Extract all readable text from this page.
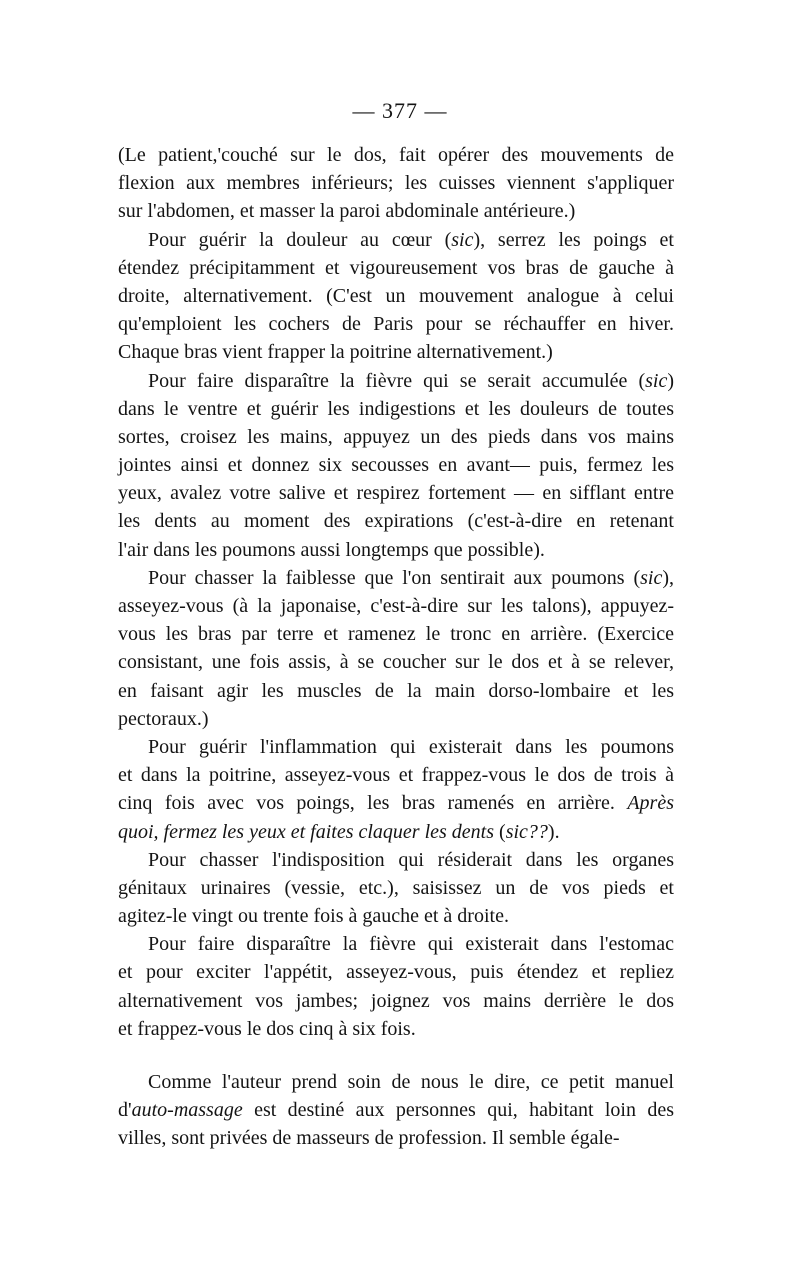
— 377 —
(Le patient,'couché sur le dos, fait opérer des mouvements de
flexion aux membres inférieurs; les cuisses viennent s'appliquer
sur l'abdomen, et masser la paroi abdominale antérieure.)
Pour guérir la douleur au cœur (sic), serrez les poings et
étendez précipitamment et vigoureusement vos bras de gauche à
droite, alternativement. (C'est un mouvement analogue à celui
qu'emploient les cochers de Paris pour se réchauffer en hiver.
Chaque bras vient frapper la poitrine alternativement.)
Pour faire disparaître la fièvre qui se serait accumulée (sic)
dans le ventre et guérir les indigestions et les douleurs de toutes
sortes, croisez les mains, appuyez un des pieds dans vos mains
jointes ainsi et donnez six secousses en avant— puis, fermez les
yeux, avalez votre salive et respirez fortement — en sifflant entre
les dents au moment des expirations (c'est-à-dire en retenant
l'air dans les poumons aussi longtemps que possible).
Pour chasser la faiblesse que l'on sentirait aux poumons (sic),
asseyez-vous (à la japonaise, c'est-à-dire sur les talons), appuyez-
vous les bras par terre et ramenez le tronc en arrière. (Exercice
consistant, une fois assis, à se coucher sur le dos et à se relever,
en faisant agir les muscles de la main dorso-lombaire et les
pectoraux.)
Pour guérir l'inflammation qui existerait dans les poumons
et dans la poitrine, asseyez-vous et frappez-vous le dos de trois à
cinq fois avec vos poings, les bras ramenés en arrière. Après
quoi, fermez les yeux et faites claquer les dents (sic??).
Pour chasser l'indisposition qui résiderait dans les organes
génitaux urinaires (vessie, etc.), saisissez un de vos pieds et
agitez-le vingt ou trente fois à gauche et à droite.
Pour faire disparaître la fièvre qui existerait dans l'estomac
et pour exciter l'appétit, asseyez-vous, puis étendez et repliez
alternativement vos jambes; joignez vos mains derrière le dos
et frappez-vous le dos cinq à six fois.
Comme l'auteur prend soin de nous le dire, ce petit manuel
d'auto-massage est destiné aux personnes qui, habitant loin des
villes, sont privées de masseurs de profession. Il semble égale-
